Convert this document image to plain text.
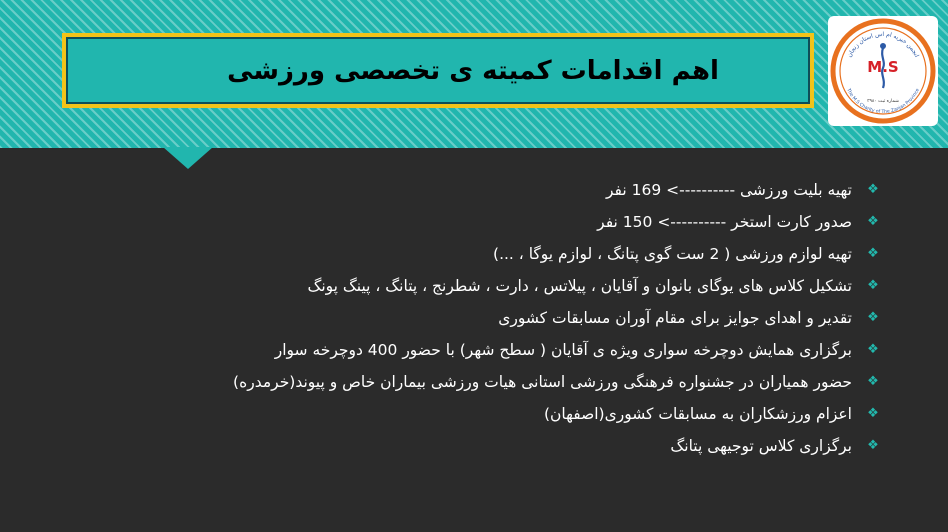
اهم اقدامات کمیته ی تخصصی ورزشی
انجمن خیریه ام اس استان زنجان
The M.S Charity of The Zanjan Province
M.S
شماره ثبت ۳۹۸۰
❖
تهیه بلیت ورزشی ----------> 169 نفر
❖
صدور کارت استخر ----------> 150 نفر
❖
تهیه لوازم ورزشی ( 2 ست گوی پتانگ ، لوازم یوگا ، ...)
❖
تشکیل کلاس های یوگای بانوان و آقایان ، پیلاتس ، دارت ، شطرنج ، پتانگ ، پینگ پونگ
❖
تقدیر و اهدای جوایز برای مقام آوران مسابقات کشوری
❖
برگزاری همایش دوچرخه سواری ویژه ی آقایان ( سطح شهر) با حضور 400 دوچرخه سوار
❖
حضور همیاران در جشنواره فرهنگی ورزشی استانی هیات ورزشی بیماران خاص و پیوند(خرمدره)
❖
اعزام ورزشکاران به مسابقات کشوری(اصفهان)
❖
برگزاری کلاس توجیهی پتانگ
